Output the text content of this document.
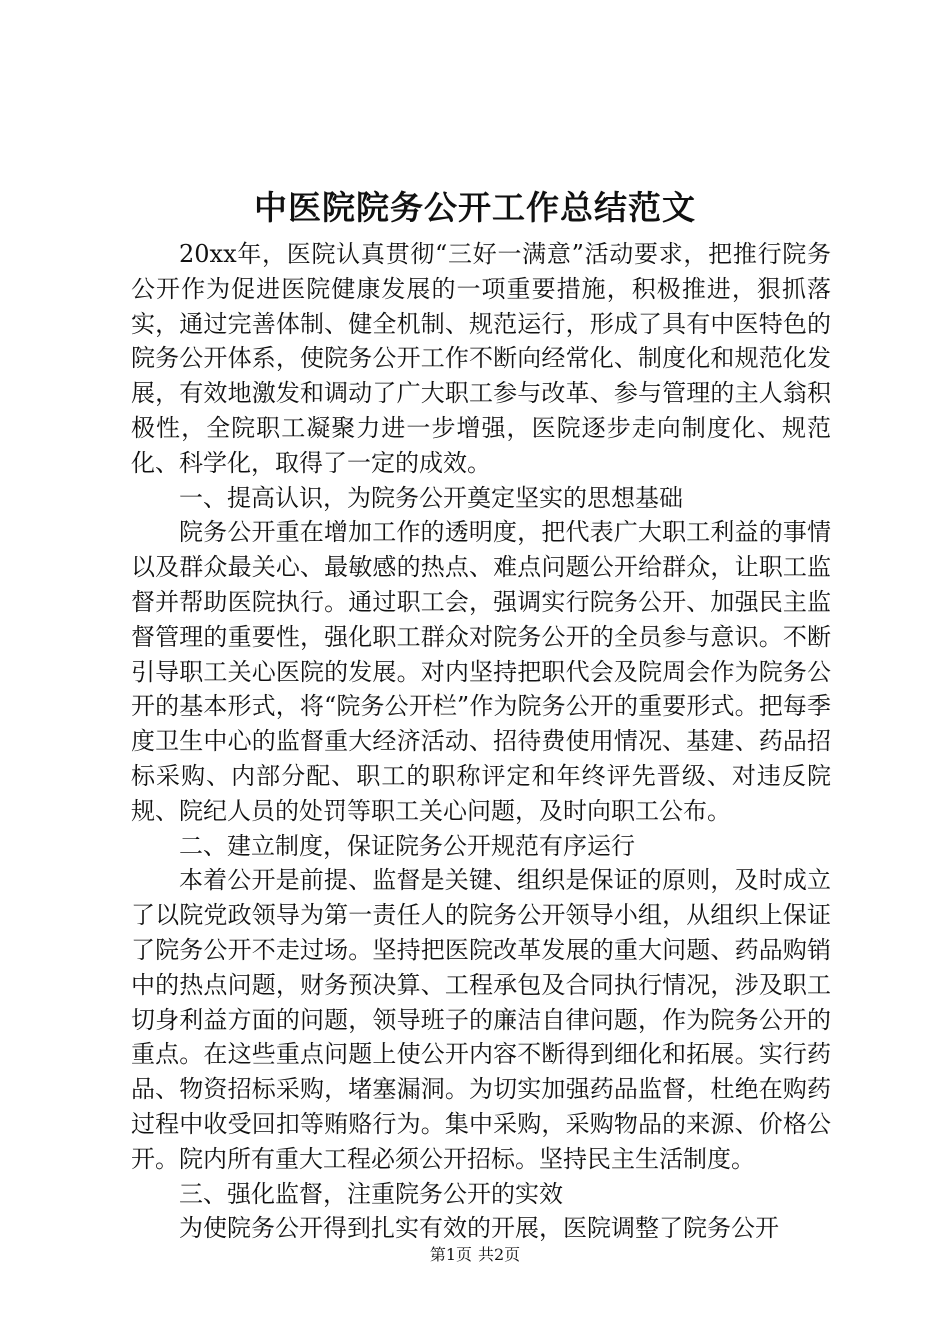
中医院院务公开工作总结范文

20xx年，医院认真贯彻“三好一满意”活动要求，把推行院务公开作为促进医院健康发展的一项重要措施，积极推进，狠抓落实，通过完善体制、健全机制、规范运行，形成了具有中医特色的院务公开体系，使院务公开工作不断向经常化、制度化和规范化发展，有效地激发和调动了广大职工参与改革、参与管理的主人翁积极性，全院职工凝聚力进一步增强，医院逐步走向制度化、规范化、科学化，取得了一定的成效。

一、提高认识，为院务公开奠定坚实的思想基础

院务公开重在增加工作的透明度，把代表广大职工利益的事情以及群众最关心、最敏感的热点、难点问题公开给群众，让职工监督并帮助医院执行。通过职工会，强调实行院务公开、加强民主监督管理的重要性，强化职工群众对院务公开的全员参与意识。不断引导职工关心医院的发展。对内坚持把职代会及院周会作为院务公开的基本形式，将“院务公开栏”作为院务公开的重要形式。把每季度卫生中心的监督重大经济活动、招待费使用情况、基建、药品招标采购、内部分配、职工的职称评定和年终评先晋级、对违反院规、院纪人员的处罚等职工关心问题，及时向职工公布。

二、建立制度，保证院务公开规范有序运行

本着公开是前提、监督是关键、组织是保证的原则，及时成立了以院党政领导为第一责任人的院务公开领导小组，从组织上保证了院务公开不走过场。坚持把医院改革发展的重大问题、药品购销中的热点问题，财务预决算、工程承包及合同执行情况，涉及职工切身利益方面的问题，领导班子的廉洁自律问题，作为院务公开的重点。在这些重点问题上使公开内容不断得到细化和拓展。实行药品、物资招标采购，堵塞漏洞。为切实加强药品监督，杜绝在购药过程中收受回扣等贿赂行为。集中采购，采购物品的来源、价格公开。院内所有重大工程必须公开招标。坚持民主生活制度。

三、强化监督，注重院务公开的实效

为使院务公开得到扎实有效的开展，医院调整了院务公开

第1页 共2页
